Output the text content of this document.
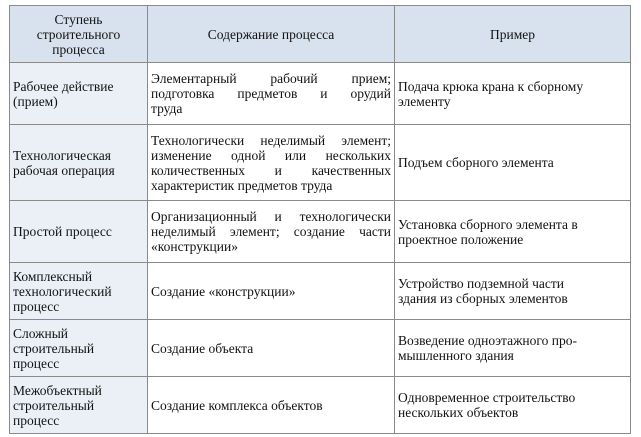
Ступень
строительного
процесса	Содержание процесса	Пример

Рабочее действие
(прием)	Элементарный рабочий прием;
подготовка предметов и орудий
труда	Подача крюка крана к сборному
элементу

Технологическая
рабочая операция	Технологически неделимый элемент;
изменение одной или нескольких
количественных и качественных
характеристик предметов труда	Подъем сборного элемента

Простой процесс	Организационный и технологически
неделимый элемент; создание части
«конструкции»	Установка сборного элемента в
проектное положение

Комплексный
технологический
процесс	Создание «конструкции»	Устройство подземной части
здания из сборных элементов

Сложный
строительный
процесс	Создание объекта	Возведение одноэтажного про-
мышленного здания

Межобъектный
строительный
процесс	Создание комплекса объектов	Одновременное строительство
нескольких объектов
